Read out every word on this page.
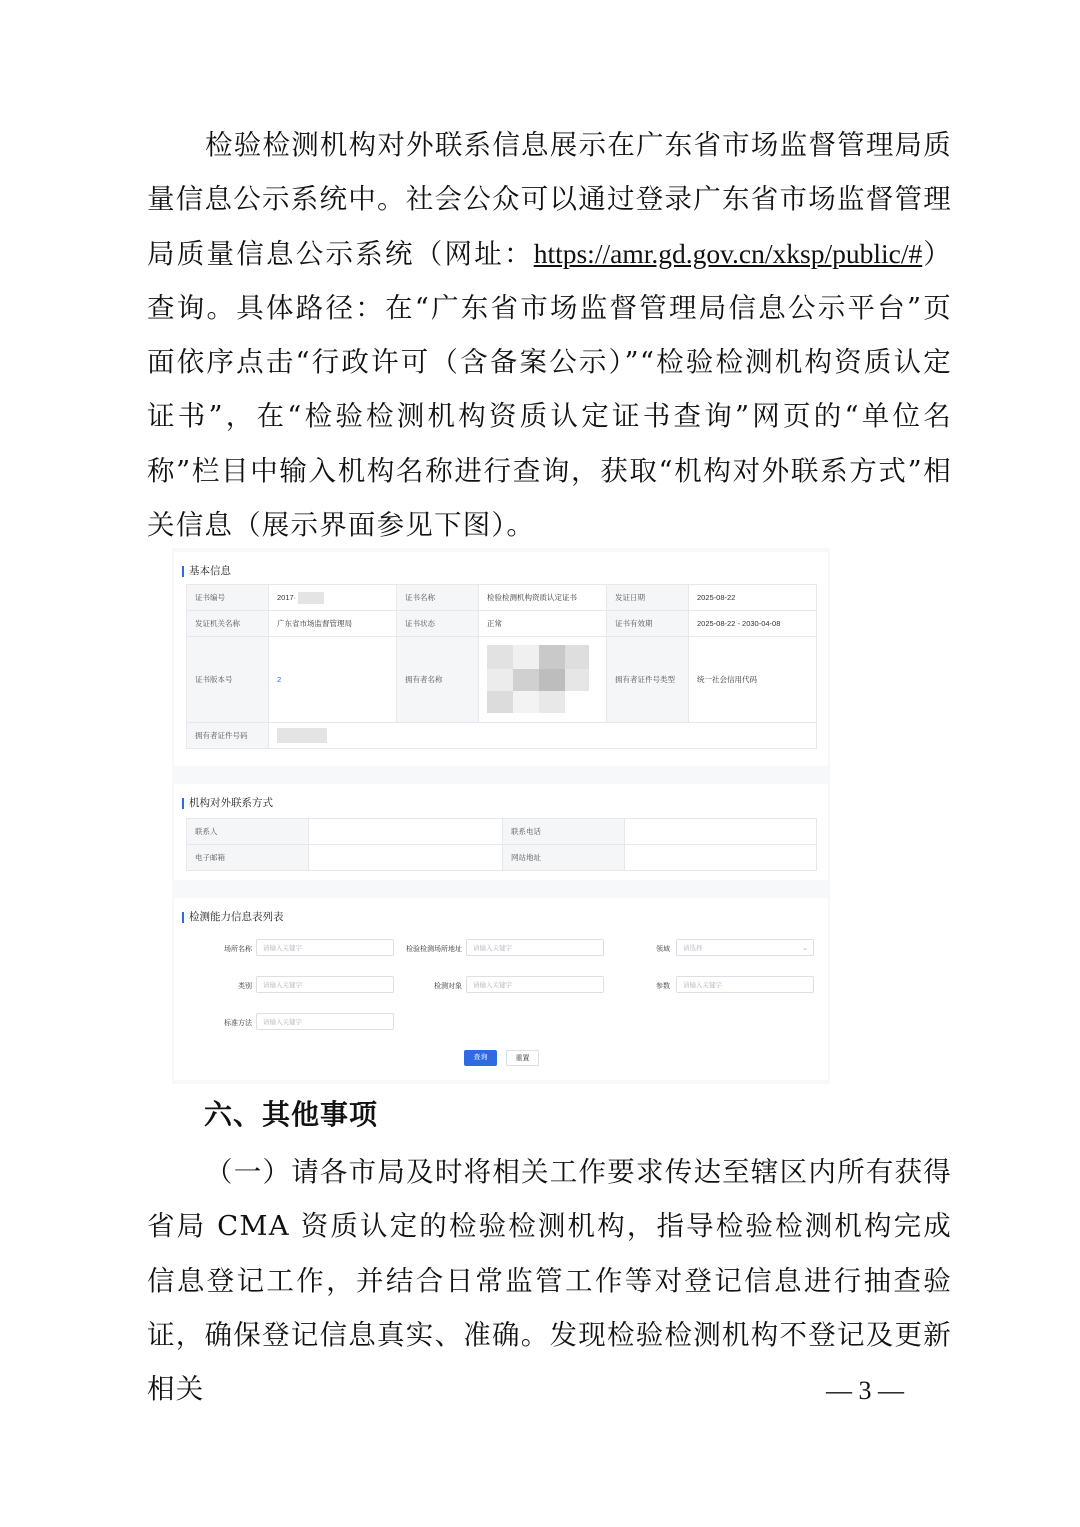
检验检测机构对外联系信息展示在广东省市场监督管理局质量信息公示系统中。社会公众可以通过登录广东省市场监督管理局质量信息公示系统（网址：https://amr.gd.gov.cn/xksp/public/#）查询。具体路径：在“广东省市场监督管理局信息公示平台”页面依序点击“行政许可（含备案公示）”“检验检测机构资质认定证书”，在“检验检测机构资质认定证书查询”网页的“单位名称”栏目中输入机构名称进行查询，获取“机构对外联系方式”相关信息（展示界面参见下图）。

基本信息
证书编号	2017·	证书名称	检验检测机构资质认定证书	发证日期	2025-08-22
发证机关名称	广东省市场监督管理局	证书状态	正常	证书有效期	2025-08-22 - 2030-04-08
证书版本号	2	拥有者名称		拥有者证件号类型	统一社会信用代码
拥有者证件号码					
机构对外联系方式
联系人		联系电话	
电子邮箱		网站地址	
检测能力信息表列表
场所名称	请输入关键字	检验检测场所地址	请输入关键字	领域	请选择	⌄
类别	请输入关键字	检测对象	请输入关键字	参数	请输入关键字
标准方法	请输入关键字
查询	重置
六、其他事项

（一）请各市局及时将相关工作要求传达至辖区内所有获得省局 CMA 资质认定的检验检测机构，指导检验检测机构完成信息登记工作，并结合日常监管工作等对登记信息进行抽查验证，确保登记信息真实、准确。发现检验检测机构不登记及更新相关	— 3 —
